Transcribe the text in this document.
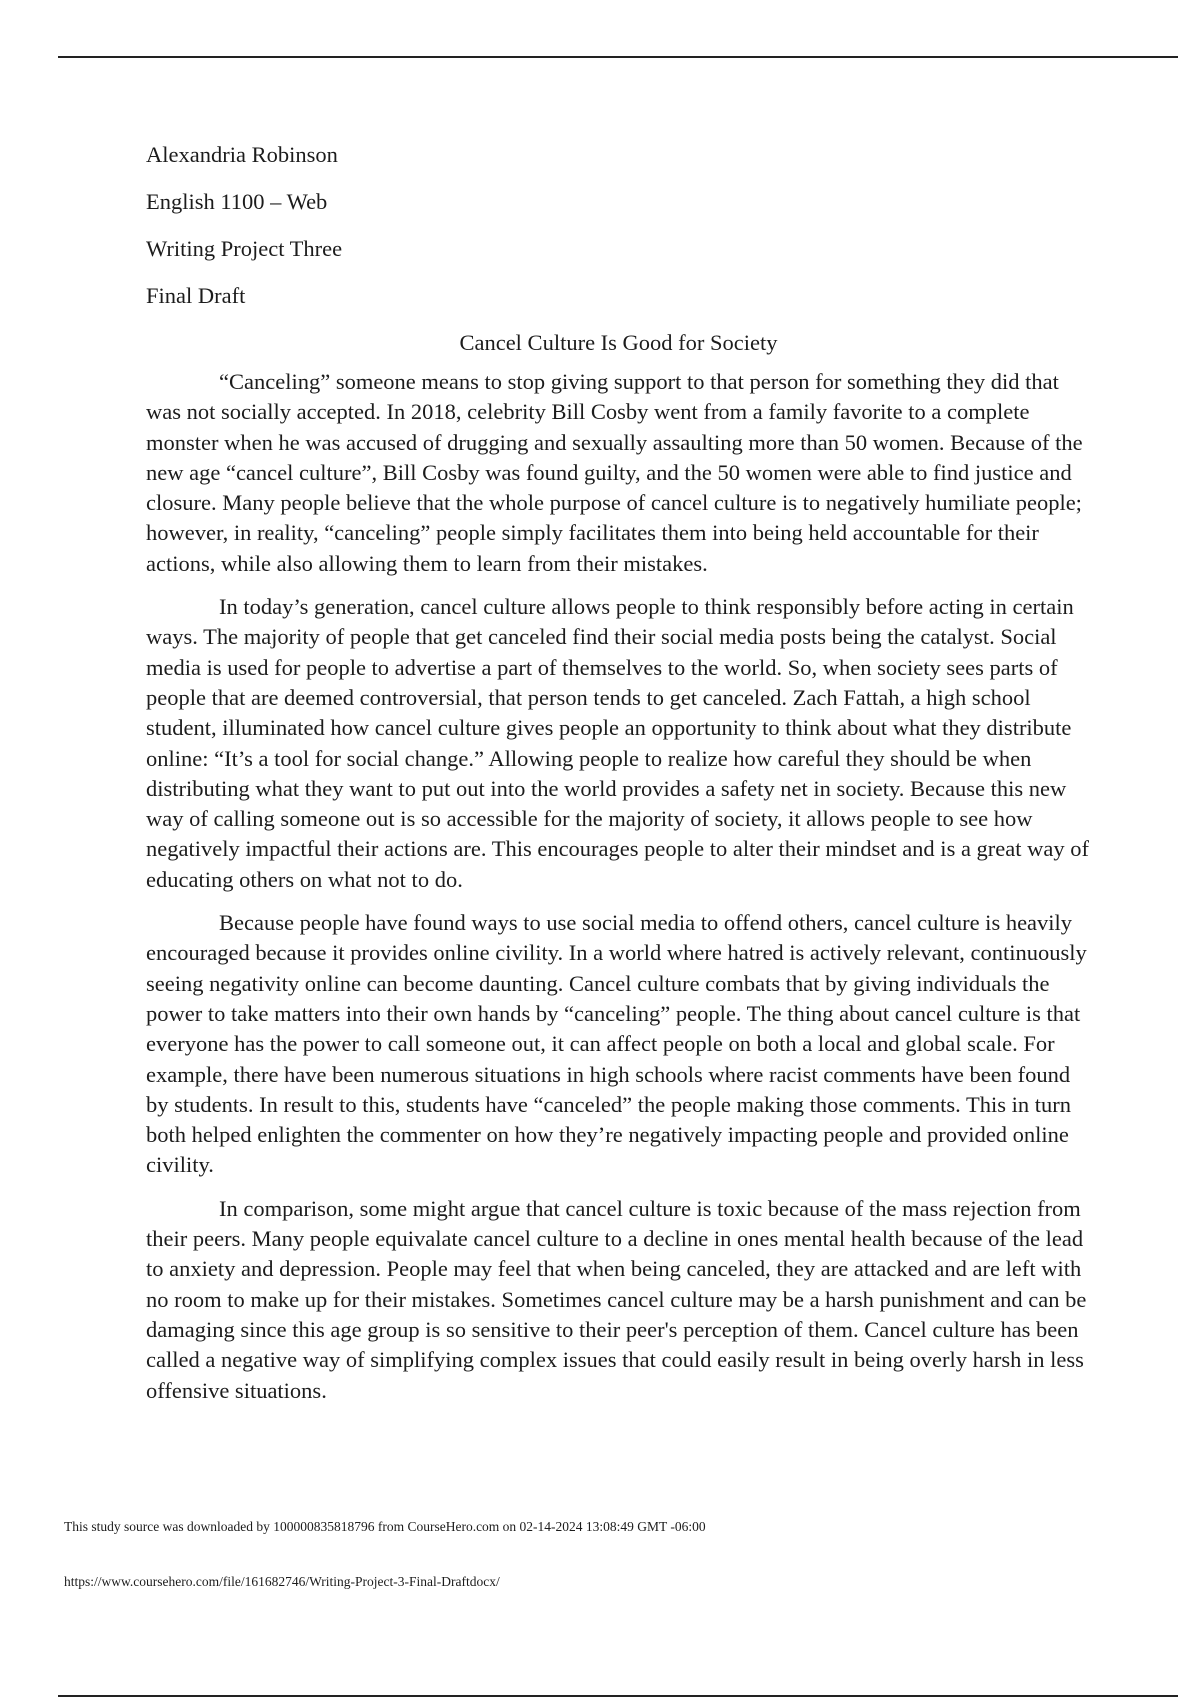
Alexandria Robinson
English 1100 – Web
Writing Project Three
Final Draft
Cancel Culture Is Good for Society

“Canceling” someone means to stop giving support to that person for something they did that was not socially accepted. In 2018, celebrity Bill Cosby went from a family favorite to a complete monster when he was accused of drugging and sexually assaulting more than 50 women. Because of the new age “cancel culture”, Bill Cosby was found guilty, and the 50 women were able to find justice and closure. Many people believe that the whole purpose of cancel culture is to negatively humiliate people; however, in reality, “canceling” people simply facilitates them into being held accountable for their actions, while also allowing them to learn from their mistakes.

In today’s generation, cancel culture allows people to think responsibly before acting in certain ways. The majority of people that get canceled find their social media posts being the catalyst. Social media is used for people to advertise a part of themselves to the world. So, when society sees parts of people that are deemed controversial, that person tends to get canceled. Zach Fattah, a high school student, illuminated how cancel culture gives people an opportunity to think about what they distribute online: “It’s a tool for social change.” Allowing people to realize how careful they should be when distributing what they want to put out into the world provides a safety net in society. Because this new way of calling someone out is so accessible for the majority of society, it allows people to see how negatively impactful their actions are. This encourages people to alter their mindset and is a great way of educating others on what not to do.

Because people have found ways to use social media to offend others, cancel culture is heavily encouraged because it provides online civility. In a world where hatred is actively relevant, continuously seeing negativity online can become daunting. Cancel culture combats that by giving individuals the power to take matters into their own hands by “canceling” people. The thing about cancel culture is that everyone has the power to call someone out, it can affect people on both a local and global scale. For example, there have been numerous situations in high schools where racist comments have been found by students. In result to this, students have “canceled” the people making those comments. This in turn both helped enlighten the commenter on how they’re negatively impacting people and provided online civility.

In comparison, some might argue that cancel culture is toxic because of the mass rejection from their peers. Many people equivalate cancel culture to a decline in ones mental health because of the lead to anxiety and depression. People may feel that when being canceled, they are attacked and are left with no room to make up for their mistakes. Sometimes cancel culture may be a harsh punishment and can be damaging since this age group is so sensitive to their peer's perception of them. Cancel culture has been called a negative way of simplifying complex issues that could easily result in being overly harsh in less offensive situations.

This study source was downloaded by 100000835818796 from CourseHero.com on 02-14-2024 13:08:49 GMT -06:00
https://www.coursehero.com/file/161682746/Writing-Project-3-Final-Draftdocx/
